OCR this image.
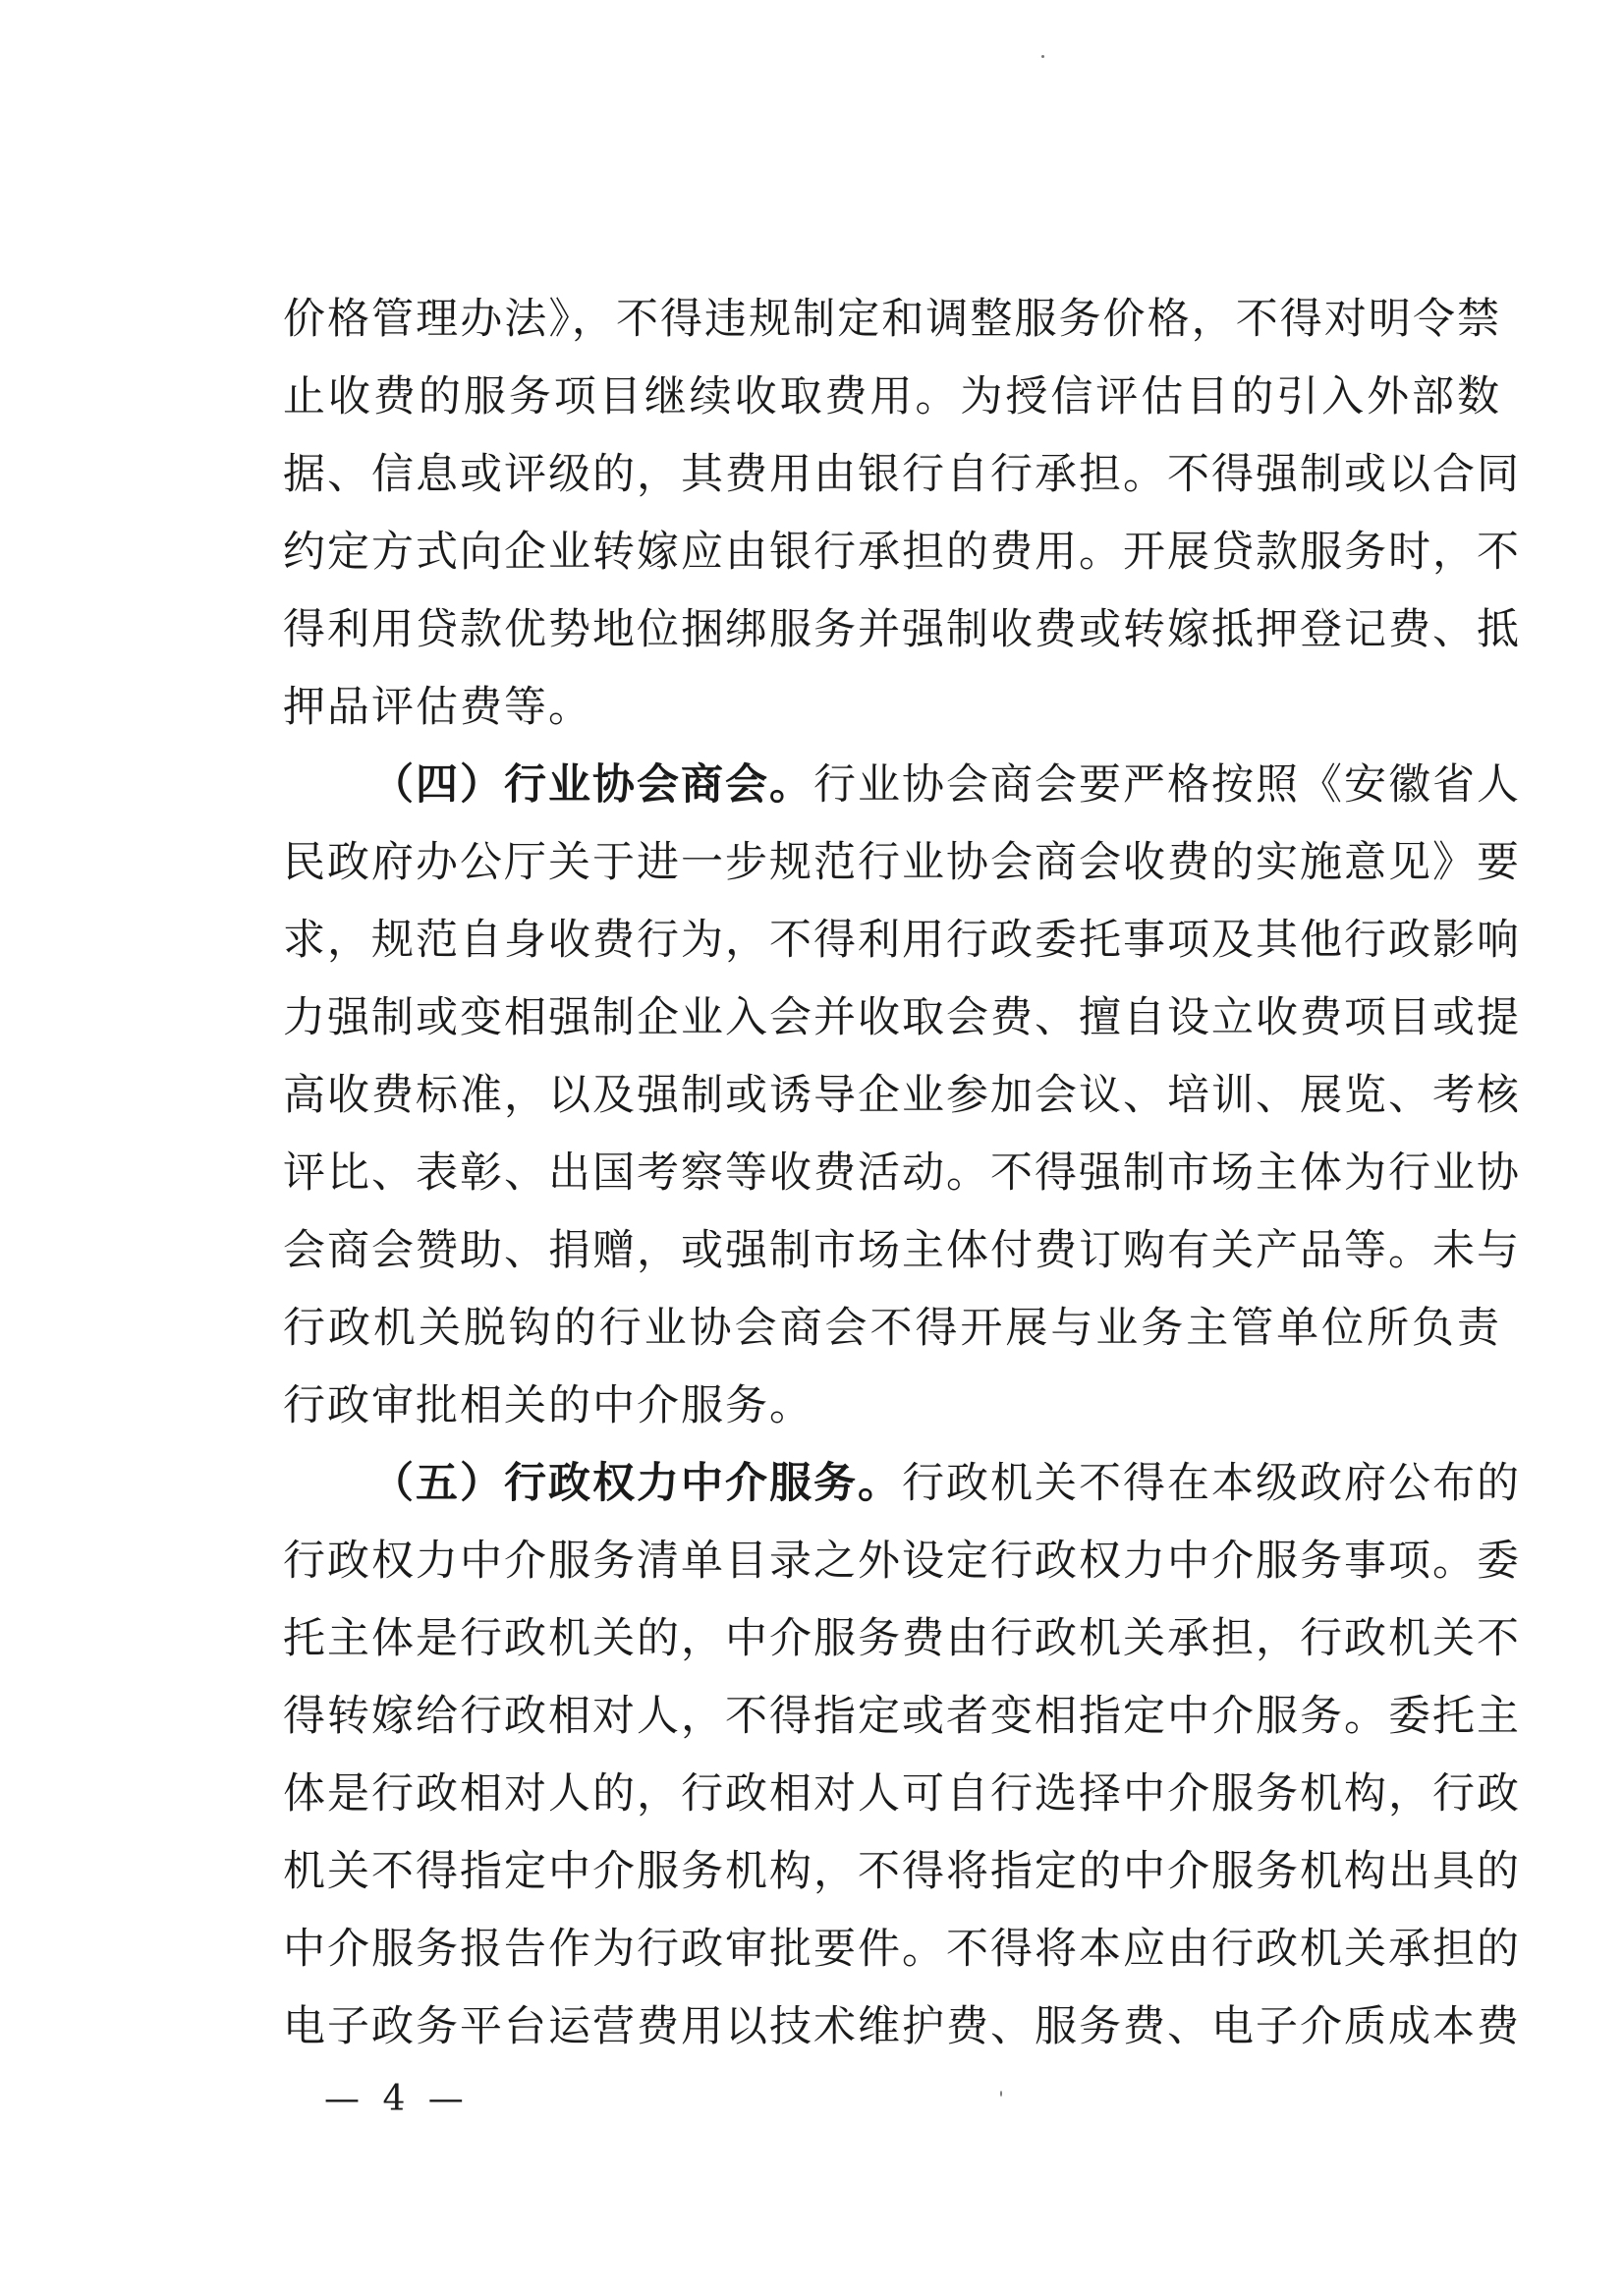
价格管理办法》，不得违规制定和调整服务价格，不得对明令禁
止收费的服务项目继续收取费用。为授信评估目的引入外部数
据、信息或评级的，其费用由银行自行承担。不得强制或以合同
约定方式向企业转嫁应由银行承担的费用。开展贷款服务时，不
得利用贷款优势地位捆绑服务并强制收费或转嫁抵押登记费、抵
押品评估费等。
（四）行业协会商会。行业协会商会要严格按照《安徽省人
民政府办公厅关于进一步规范行业协会商会收费的实施意见》要
求，规范自身收费行为，不得利用行政委托事项及其他行政影响
力强制或变相强制企业入会并收取会费、擅自设立收费项目或提
高收费标准，以及强制或诱导企业参加会议、培训、展览、考核
评比、表彰、出国考察等收费活动。不得强制市场主体为行业协
会商会赞助、捐赠，或强制市场主体付费订购有关产品等。未与
行政机关脱钩的行业协会商会不得开展与业务主管单位所负责
行政审批相关的中介服务。
（五）行政权力中介服务。行政机关不得在本级政府公布的
行政权力中介服务清单目录之外设定行政权力中介服务事项。委
托主体是行政机关的，中介服务费由行政机关承担，行政机关不
得转嫁给行政相对人，不得指定或者变相指定中介服务。委托主
体是行政相对人的，行政相对人可自行选择中介服务机构，行政
机关不得指定中介服务机构，不得将指定的中介服务机构出具的
中介服务报告作为行政审批要件。不得将本应由行政机关承担的
电子政务平台运营费用以技术维护费、服务费、电子介质成本费
— 4 —
